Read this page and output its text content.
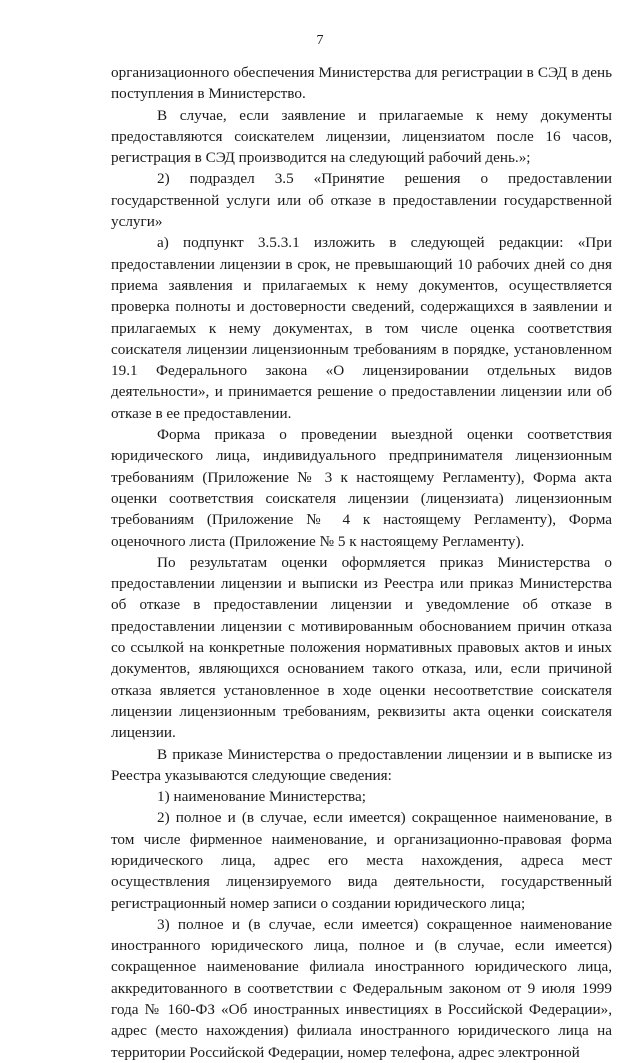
7

организационного обеспечения Министерства для регистрации в СЭД в день поступления в Министерство.

В случае, если заявление и прилагаемые к нему документы предоставляются соискателем лицензии, лицензиатом после 16 часов, регистрация в СЭД производится на следующий рабочий день.»;

2) подраздел 3.5 «Принятие решения о предоставлении государственной услуги или об отказе в предоставлении государственной услуги»

а) подпункт 3.5.3.1 изложить в следующей редакции: «При предоставлении лицензии в срок, не превышающий 10 рабочих дней со дня приема заявления и прилагаемых к нему документов, осуществляется проверка полноты и достоверности сведений, содержащихся в заявлении и прилагаемых к нему документах, в том числе оценка соответствия соискателя лицензии лицензионным требованиям в порядке, установленном 19.1 Федерального закона «О лицензировании отдельных видов деятельности», и принимается решение о предоставлении лицензии или об отказе в ее предоставлении.

Форма приказа о проведении выездной оценки соответствия юридического лица, индивидуального предпринимателя лицензионным требованиям (Приложение № 3 к настоящему Регламенту), Форма акта оценки соответствия соискателя лицензии (лицензиата) лицензионным требованиям (Приложение № 4 к настоящему Регламенту), Форма оценочного листа (Приложение № 5 к настоящему Регламенту).

По результатам оценки оформляется приказ Министерства о предоставлении лицензии и выписки из Реестра или приказ Министерства об отказе в предоставлении лицензии и уведомление об отказе в предоставлении лицензии с мотивированным обоснованием причин отказа со ссылкой на конкретные положения нормативных правовых актов и иных документов, являющихся основанием такого отказа, или, если причиной отказа является установленное в ходе оценки несоответствие соискателя лицензии лицензионным требованиям, реквизиты акта оценки соискателя лицензии.

В приказе Министерства о предоставлении лицензии и в выписке из Реестра указываются следующие сведения:

1) наименование Министерства;

2) полное и (в случае, если имеется) сокращенное наименование, в том числе фирменное наименование, и организационно-правовая форма юридического лица, адрес его места нахождения, адреса мест осуществления лицензируемого вида деятельности, государственный регистрационный номер записи о создании юридического лица;

3) полное и (в случае, если имеется) сокращенное наименование иностранного юридического лица, полное и (в случае, если имеется) сокращенное наименование филиала иностранного юридического лица, аккредитованного в соответствии с Федеральным законом от 9 июля 1999 года № 160-ФЗ «Об иностранных инвестициях в Российской Федерации», адрес (место нахождения) филиала иностранного юридического лица на территории Российской Федерации, номер телефона, адрес электронной
